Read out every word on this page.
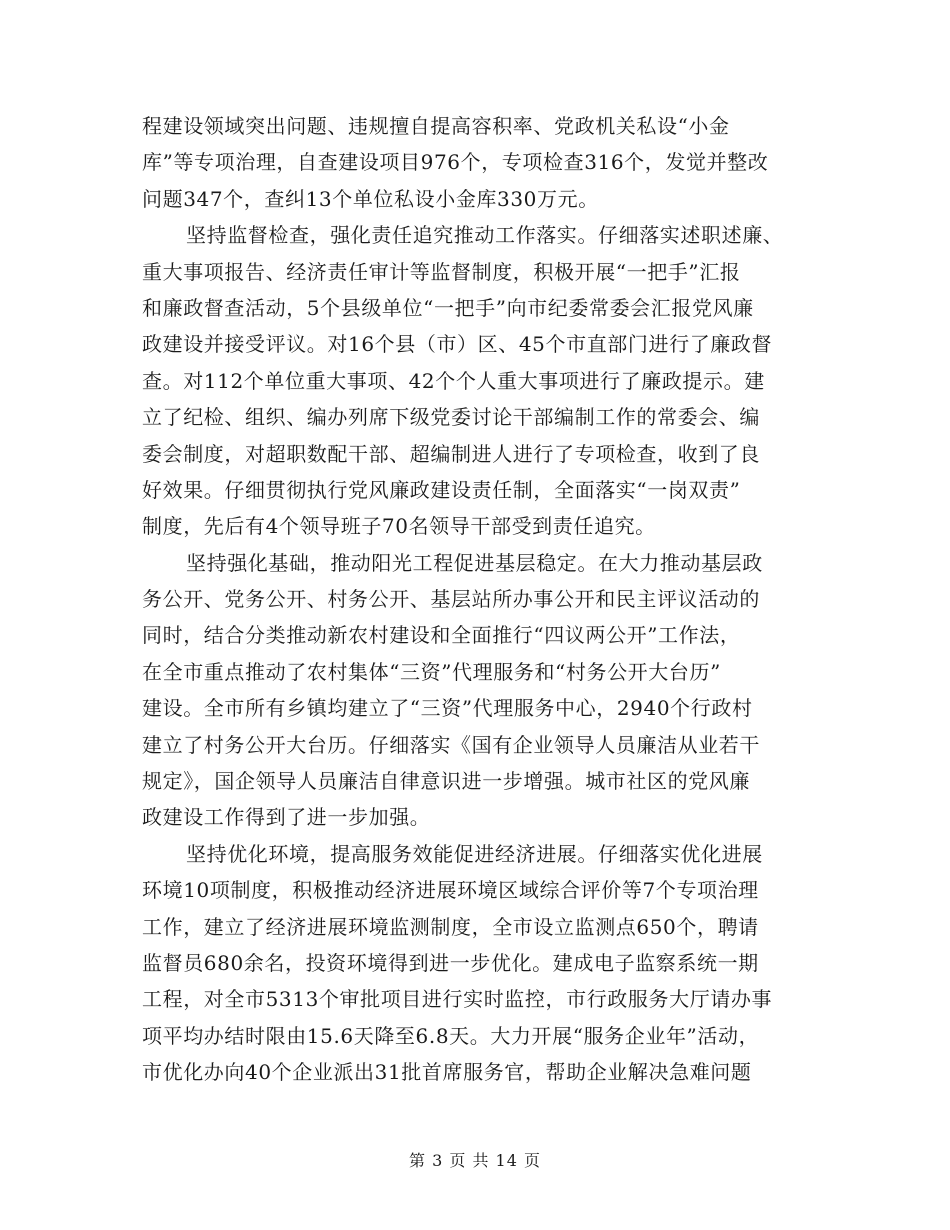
程建设领域突出问题、违规擅自提高容积率、党政机关私设“小金
库”等专项治理，自查建设项目976个，专项检查316个，发觉并整改
问题347个，查纠13个单位私设小金库330万元。
坚持监督检查，强化责任追究推动工作落实。仔细落实述职述廉、
重大事项报告、经济责任审计等监督制度，积极开展“一把手”汇报
和廉政督查活动，5个县级单位“一把手”向市纪委常委会汇报党风廉
政建设并接受评议。对16个县（市）区、45个市直部门进行了廉政督
查。对112个单位重大事项、42个个人重大事项进行了廉政提示。建
立了纪检、组织、编办列席下级党委讨论干部编制工作的常委会、编
委会制度，对超职数配干部、超编制进人进行了专项检查，收到了良
好效果。仔细贯彻执行党风廉政建设责任制，全面落实“一岗双责”
制度，先后有4个领导班子70名领导干部受到责任追究。
坚持强化基础，推动阳光工程促进基层稳定。在大力推动基层政
务公开、党务公开、村务公开、基层站所办事公开和民主评议活动的
同时，结合分类推动新农村建设和全面推行“四议两公开”工作法，
在全市重点推动了农村集体“三资”代理服务和“村务公开大台历”
建设。全市所有乡镇均建立了“三资”代理服务中心，2940个行政村
建立了村务公开大台历。仔细落实《国有企业领导人员廉洁从业若干
规定》，国企领导人员廉洁自律意识进一步增强。城市社区的党风廉
政建设工作得到了进一步加强。
坚持优化环境，提高服务效能促进经济进展。仔细落实优化进展
环境10项制度，积极推动经济进展环境区域综合评价等7个专项治理
工作，建立了经济进展环境监测制度，全市设立监测点650个，聘请
监督员680余名，投资环境得到进一步优化。建成电子监察系统一期
工程，对全市5313个审批项目进行实时监控，市行政服务大厅请办事
项平均办结时限由15.6天降至6.8天。大力开展“服务企业年”活动，
市优化办向40个企业派出31批首席服务官，帮助企业解决急难问题
第 3 页 共 14 页
